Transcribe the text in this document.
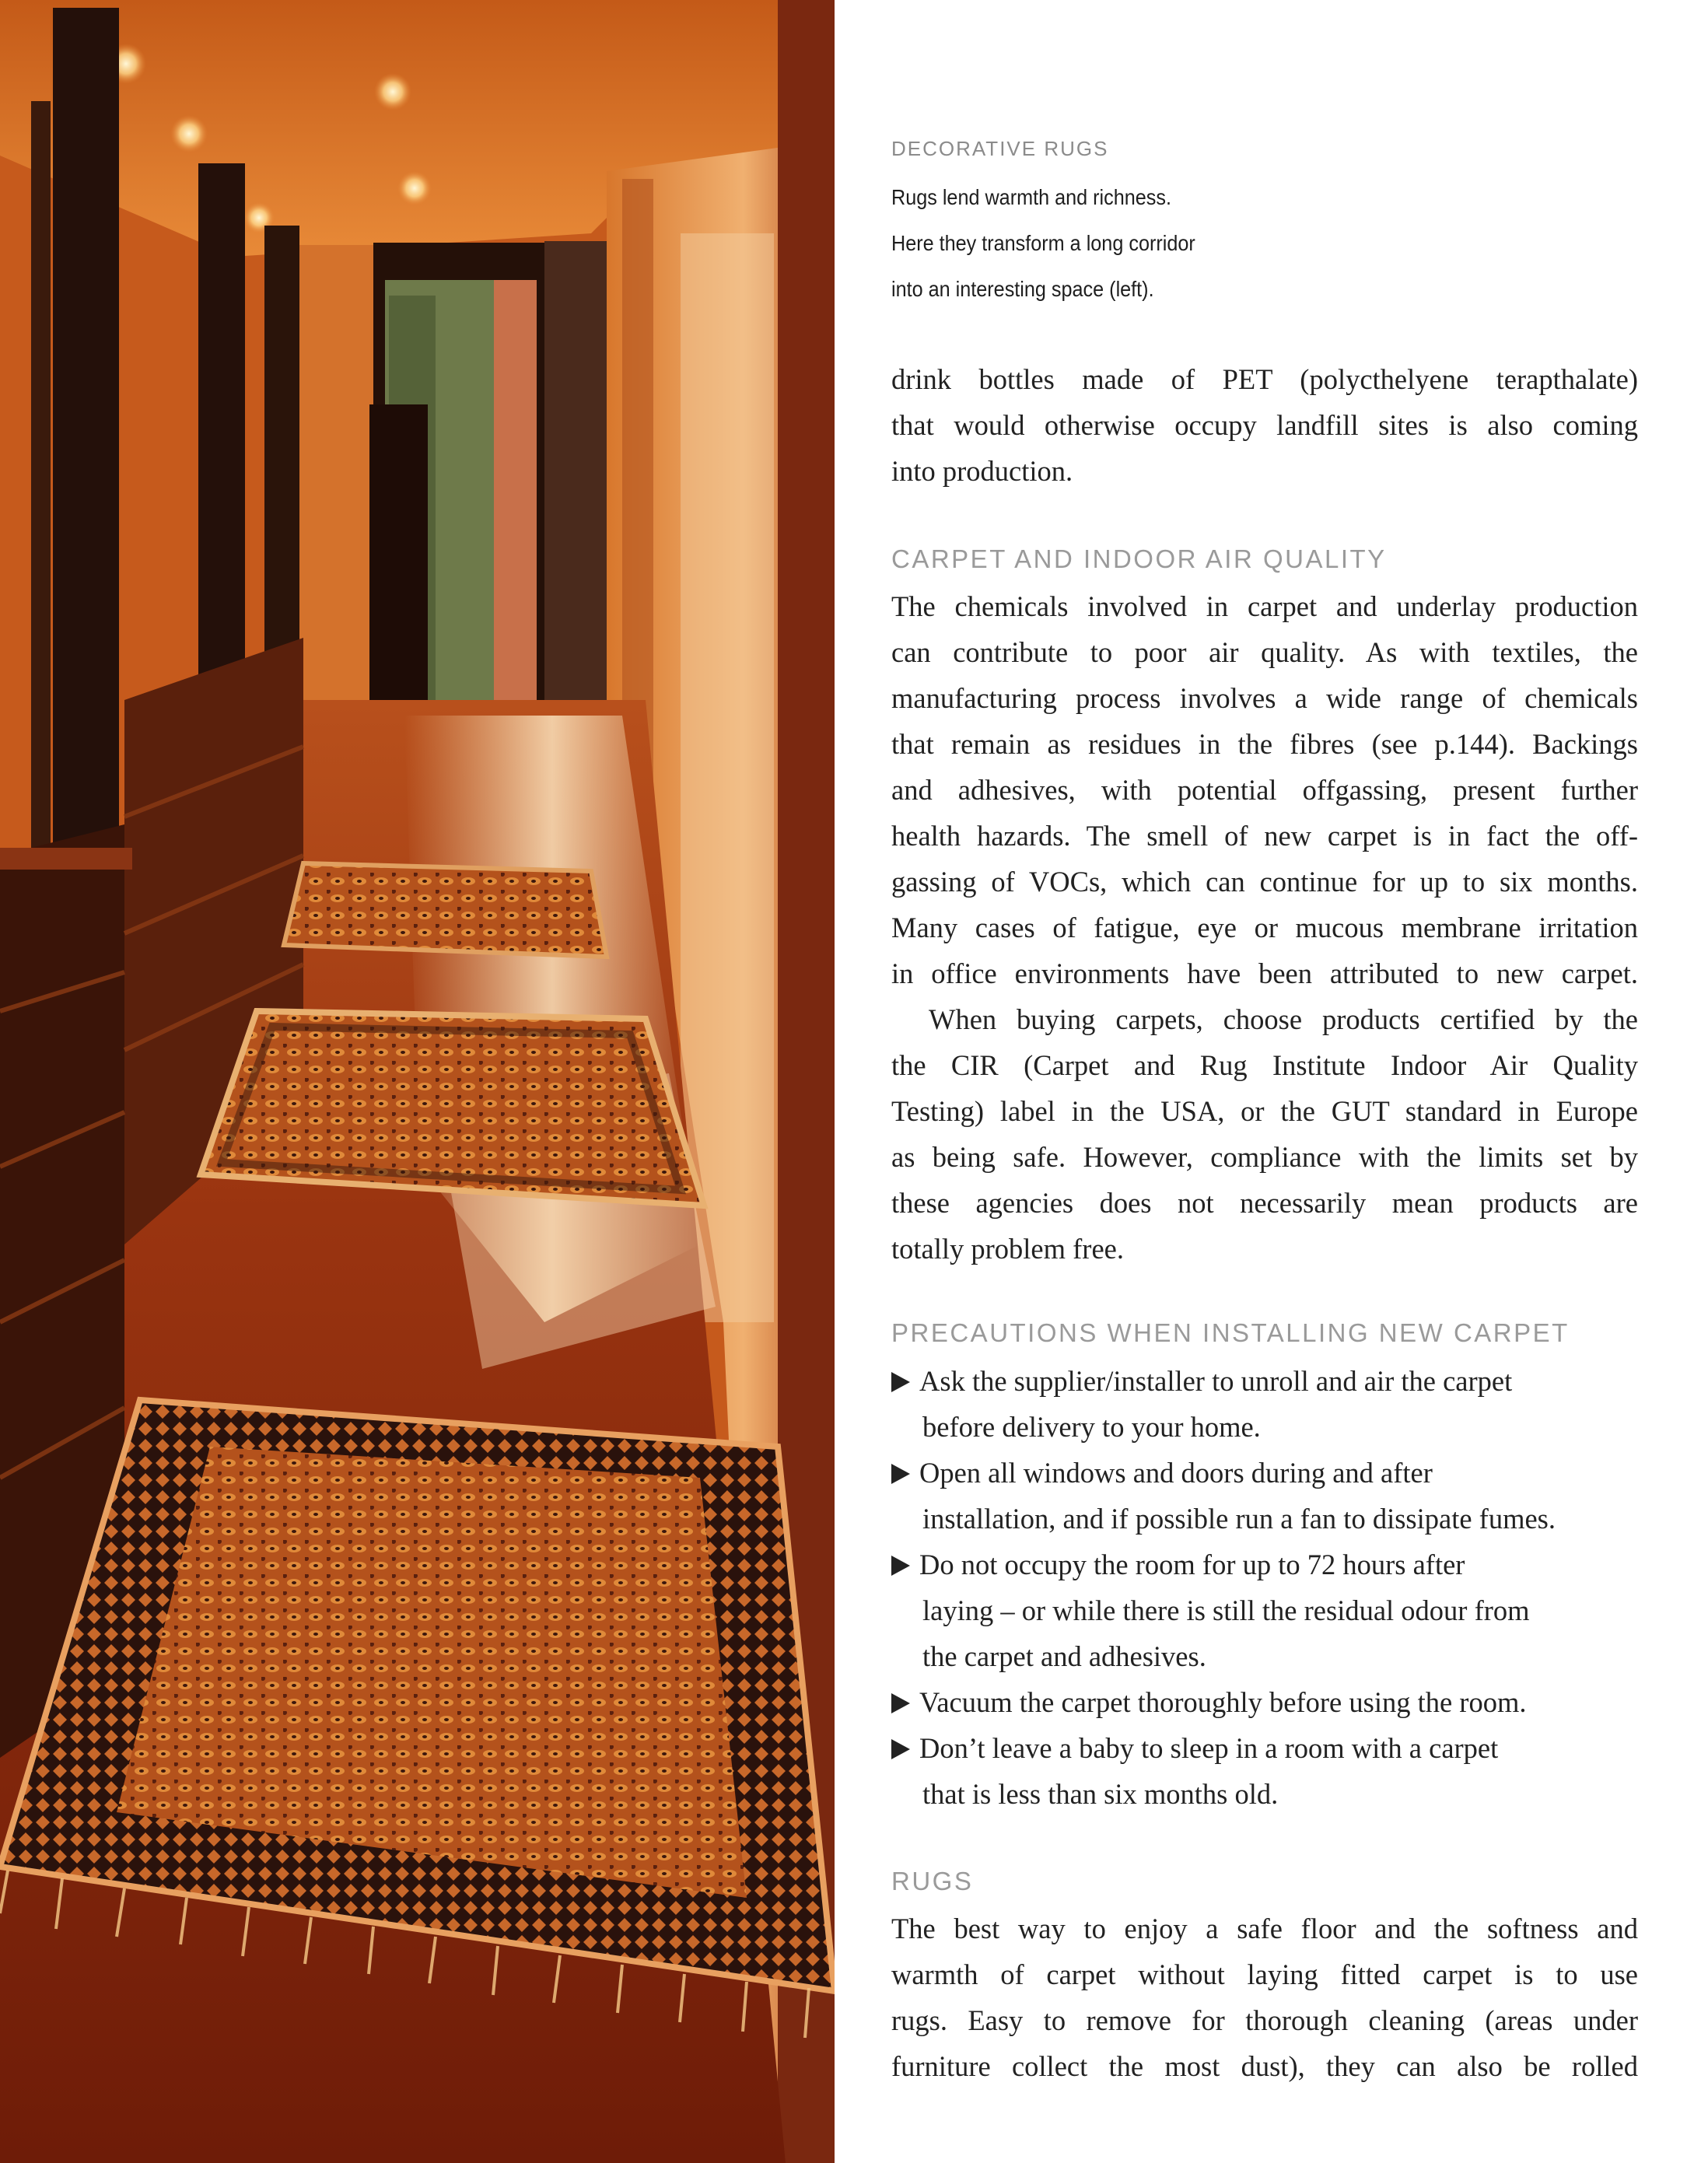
DECORATIVE RUGS
Rugs lend warmth and richness.
Here they transform a long corridor
into an interesting space (left).
drink bottles made of PET (polycthelyene terapthalate)
that would otherwise occupy landfill sites is also coming
into production.
CARPET AND INDOOR AIR QUALITY
The chemicals involved in carpet and underlay production
can contribute to poor air quality. As with textiles, the
manufacturing process involves a wide range of chemicals
that remain as residues in the fibres (see p.144). Backings
and adhesives, with potential offgassing, present further
health hazards. The smell of new carpet is in fact the off-
gassing of VOCs, which can continue for up to six months.
Many cases of fatigue, eye or mucous membrane irritation
in office environments have been attributed to new carpet.
When buying carpets, choose products certified by the
the CIR (Carpet and Rug Institute Indoor Air Quality
Testing) label in the USA, or the GUT standard in Europe
as being safe. However, compliance with the limits set by
these agencies does not necessarily mean products are
totally problem free.
PRECAUTIONS WHEN INSTALLING NEW CARPET
Ask the supplier/installer to unroll and air the carpet
before delivery to your home.
Open all windows and doors during and after
installation, and if possible run a fan to dissipate fumes.
Do not occupy the room for up to 72 hours after
laying – or while there is still the residual odour from
the carpet and adhesives.
Vacuum the carpet thoroughly before using the room.
Don’t leave a baby to sleep in a room with a carpet
that is less than six months old.
RUGS
The best way to enjoy a safe floor and the softness and
warmth of carpet without laying fitted carpet is to use
rugs. Easy to remove for thorough cleaning (areas under
furniture collect the most dust), they can also be rolled
